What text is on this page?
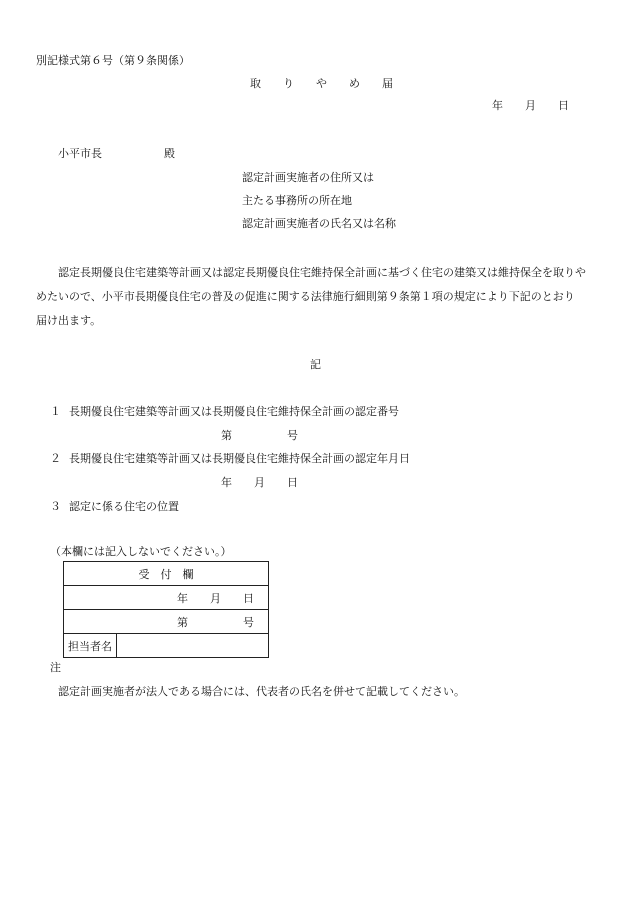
別記様式第６号（第９条関係）
取　　り　　や　　め　　届
年　　月　　日
小平市長	殿
認定計画実施者の住所又は
主たる事務所の所在地
認定計画実施者の氏名又は名称
認定長期優良住宅建築等計画又は認定長期優良住宅維持保全計画に基づく住宅の建築又は維持保全を取りや
めたいので、小平市長期優良住宅の普及の促進に関する法律施行細則第９条第１項の規定により下記のとおり
届け出ます。
記
１ 長期優良住宅建築等計画又は長期優良住宅維持保全計画の認定番号
第　　　　　号
２ 長期優良住宅建築等計画又は長期優良住宅維持保全計画の認定年月日
年　　月　　日
３ 認定に係る住宅の位置
（本欄には記入しないでください。）
受　付　欄
年　　月　　日
第　　　　　号
担当者名	
注
認定計画実施者が法人である場合には、代表者の氏名を併せて記載してください。
